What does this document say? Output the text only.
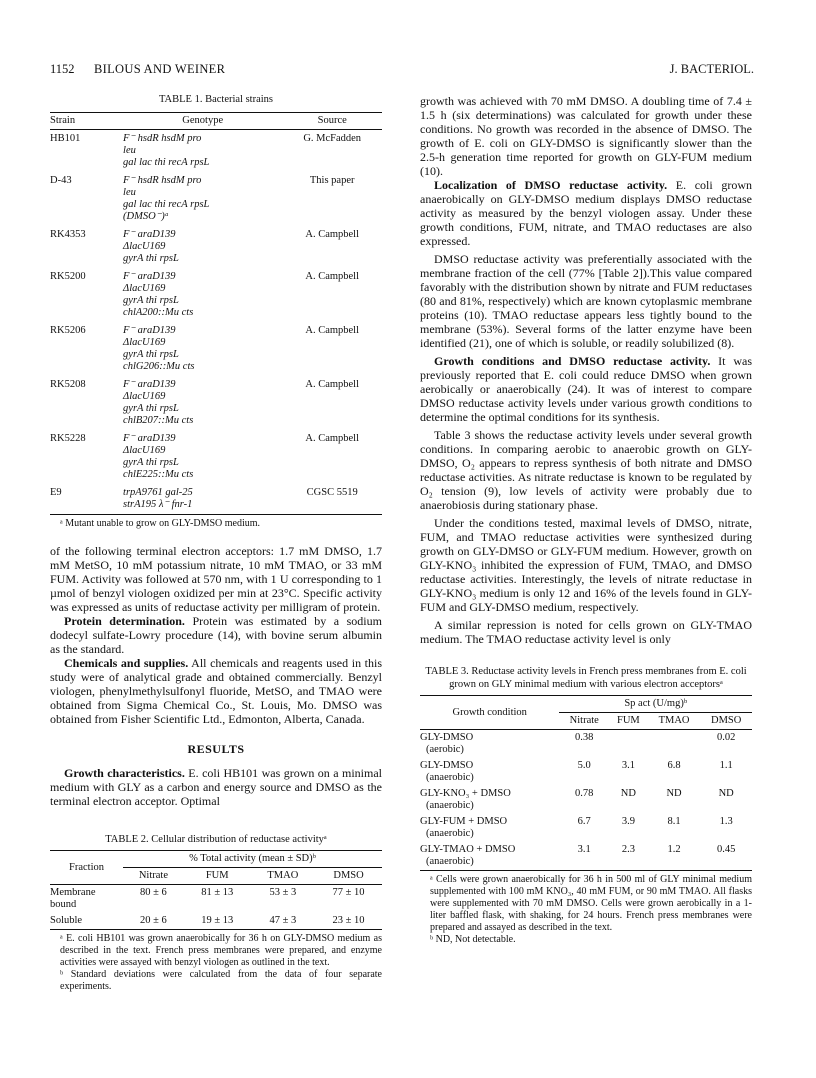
1152 BILOUS AND WEINER	J. BACTERIOL.
TABLE 1. Bacterial strains
Strain	Genotype	Source
HB101	F⁻ hsdR hsdM pro
leu
gal lac thi recA rpsL	G. McFadden
D-43	F⁻ hsdR hsdM pro
leu
gal lac thi recA rpsL
(DMSO⁻)ᵃ	This paper
RK4353	F⁻ araD139
ΔlacU169
gyrA thi rpsL	A. Campbell
RK5200	F⁻ araD139
ΔlacU169
gyrA thi rpsL
chlA200::Mu cts	A. Campbell
RK5206	F⁻ araD139
ΔlacU169
gyrA thi rpsL
chlG206::Mu cts	A. Campbell
RK5208	F⁻ araD139
ΔlacU169
gyrA thi rpsL
chlB207::Mu cts	A. Campbell
RK5228	F⁻ araD139
ΔlacU169
gyrA thi rpsL
chlE225::Mu cts	A. Campbell
E9	trpA9761 gal-25
strA195 λ⁻ fnr-1	CGSC 5519
ᵃ Mutant unable to grow on GLY-DMSO medium.

of the following terminal electron acceptors: 1.7 mM DMSO, 1.7 mM MetSO, 10 mM potassium nitrate, 10 mM TMAO, or 33 mM FUM. Activity was followed at 570 nm, with 1 U corresponding to 1 µmol of benzyl viologen oxidized per min at 23°C. Specific activity was expressed as units of reductase activity per milligram of protein.

Protein determination. Protein was estimated by a sodium dodecyl sulfate-Lowry procedure (14), with bovine serum albumin as the standard.

Chemicals and supplies. All chemicals and reagents used in this study were of analytical grade and obtained commercially. Benzyl viologen, phenylmethylsulfonyl fluoride, MetSO, and TMAO were obtained from Sigma Chemical Co., St. Louis, Mo. DMSO was obtained from Fisher Scientific Ltd., Edmonton, Alberta, Canada.

RESULTS

Growth characteristics. E. coli HB101 was grown on a minimal medium with GLY as a carbon and energy source and DMSO as the terminal electron acceptor. Optimal

TABLE 2. Cellular distribution of reductase activityᵃ
Fraction	% Total activity (mean ± SD)ᵇ			
	Nitrate	FUM	TMAO	DMSO
Membrane bound	80 ± 6	81 ± 13	53 ± 3	77 ± 10
Soluble	20 ± 6	19 ± 13	47 ± 3	23 ± 10
ᵃ E. coli HB101 was grown anaerobically for 36 h on GLY-DMSO medium as described in the text. French press membranes were prepared, and enzyme activities were assayed with benzyl viologen as outlined in the text.
ᵇ Standard deviations were calculated from the data of four separate experiments.

growth was achieved with 70 mM DMSO. A doubling time of 7.4 ± 1.5 h (six determinations) was calculated for growth under these conditions. No growth was recorded in the absence of DMSO. The growth of E. coli on GLY-DMSO is significantly slower than the 2.5-h generation time reported for growth on GLY-FUM medium (10).

Localization of DMSO reductase activity. E. coli grown anaerobically on GLY-DMSO medium displays DMSO reductase activity as measured by the benzyl viologen assay. Under these growth conditions, FUM, nitrate, and TMAO reductases are also expressed.

DMSO reductase activity was preferentially associated with the membrane fraction of the cell (77% [Table 2]).This value compared favorably with the distribution shown by nitrate and FUM reductases (80 and 81%, respectively) which are known cytoplasmic membrane proteins (10). TMAO reductase appears less tightly bound to the membrane (53%). Several forms of the latter enzyme have been identified (21), one of which is soluble, or readily solubilized (8).

Growth conditions and DMSO reductase activity. It was previously reported that E. coli could reduce DMSO when grown aerobically or anaerobically (24). It was of interest to compare DMSO reductase activity levels under various growth conditions to determine the optimal conditions for its synthesis.

Table 3 shows the reductase activity levels under several growth conditions. In comparing aerobic to anaerobic growth on GLY-DMSO, O₂ appears to repress synthesis of both nitrate and DMSO reductase activities. As nitrate reductase is known to be regulated by O₂ tension (9), low levels of activity were probably due to anaerobiosis during stationary phase.

Under the conditions tested, maximal levels of DMSO, nitrate, FUM, and TMAO reductase activities were synthesized during growth on GLY-DMSO or GLY-FUM medium. However, growth on GLY-KNO₃ inhibited the expression of FUM, TMAO, and DMSO reductase activities. Interestingly, the levels of nitrate reductase in GLY-KNO₃ medium is only 12 and 16% of the levels found in GLY-FUM and GLY-DMSO medium, respectively.

A similar repression is noted for cells grown on GLY-TMAO medium. The TMAO reductase activity level is only

TABLE 3. Reductase activity levels in French press membranes from E. coli grown on GLY minimal medium with various electron acceptorsᵃ
Growth condition	Sp act (U/mg)ᵇ			
	Nitrate	FUM	TMAO	DMSO

GLY-DMSO
(aerobic)	0.38			0.02

GLY-DMSO
(anaerobic)	5.0	3.1	6.8	1.1

GLY-KNO₃ + DMSO
(anaerobic)	0.78	ND	ND	ND

GLY-FUM + DMSO
(anaerobic)	6.7	3.9	8.1	1.3

GLY-TMAO + DMSO
(anaerobic)	3.1	2.3	1.2	0.45
ᵃ Cells were grown anaerobically for 36 h in 500 ml of GLY minimal medium supplemented with 100 mM KNO₃, 40 mM FUM, or 90 mM TMAO. All flasks were supplemented with 70 mM DMSO. Cells were grown aerobically in a 1-liter baffled flask, with shaking, for 24 hours. French press membranes were prepared and assayed as described in the text.
ᵇ ND, Not detectable.
